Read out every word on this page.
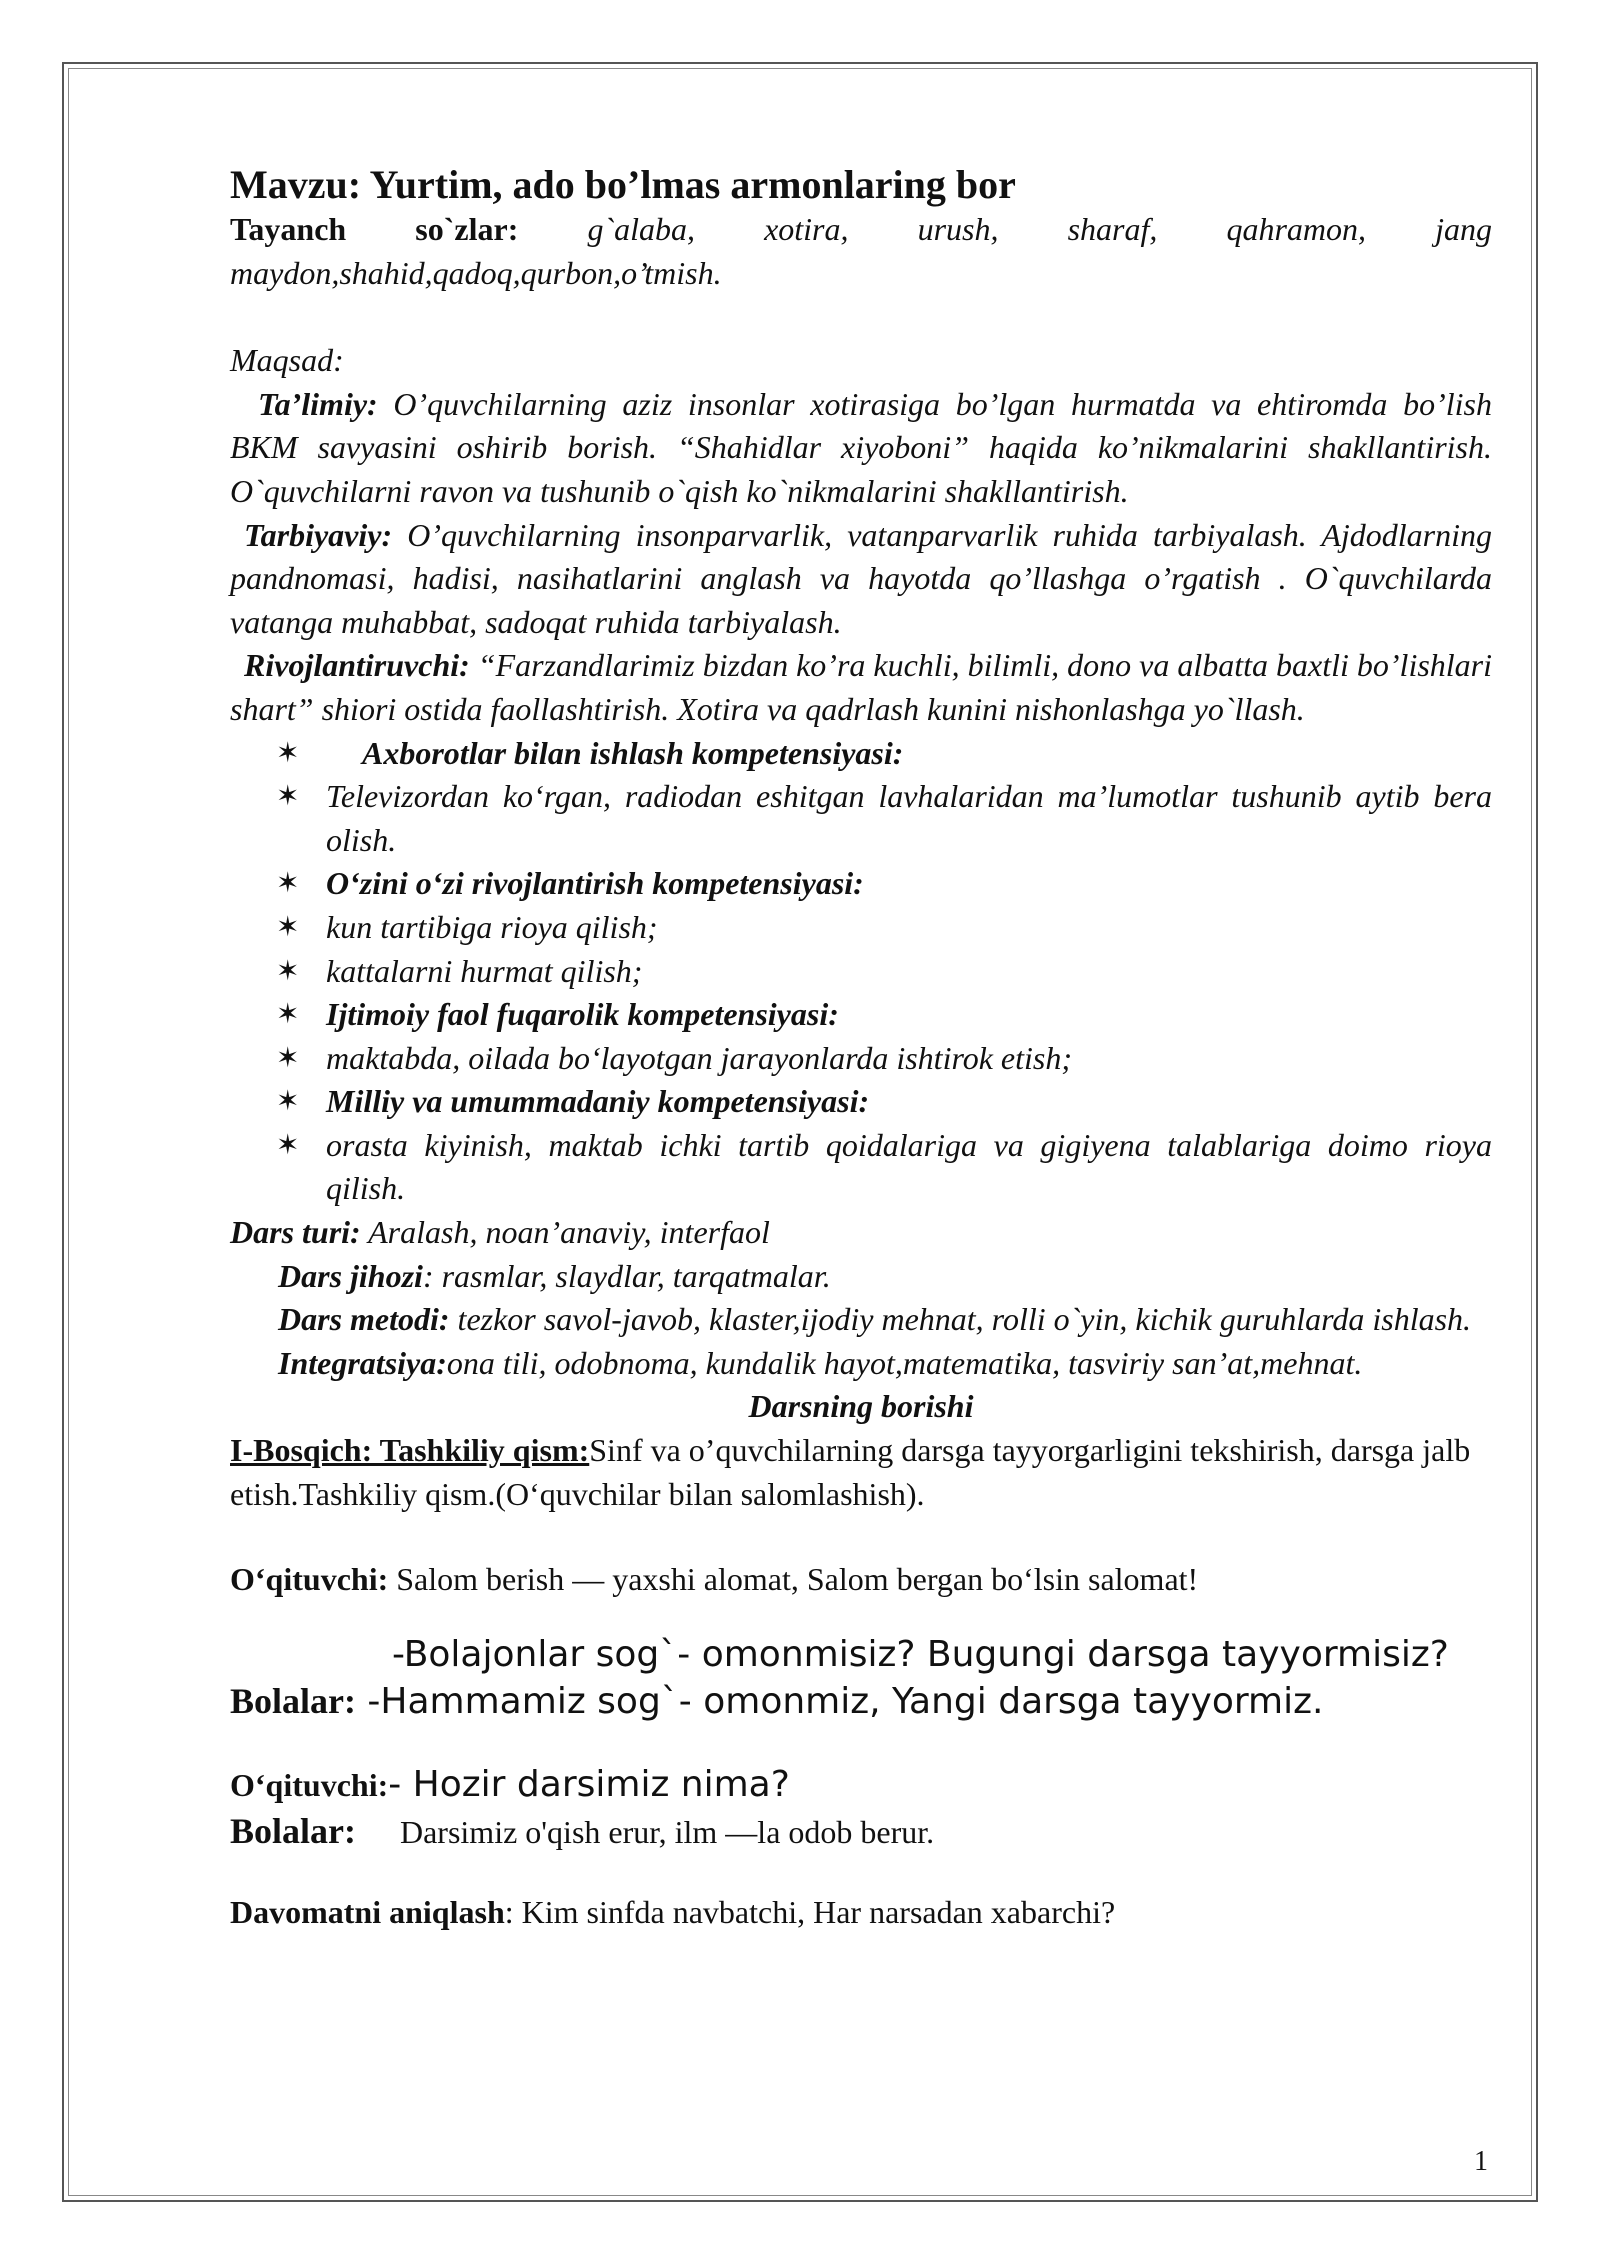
Mavzu: Yurtim, ado bo’lmas armonlaring bor

Tayanch so`zlar: g`alaba, xotira, urush, sharaf, qahramon, jang maydon,shahid,qadoq,qurbon,o’tmish.

Maqsad:

Ta’limiy: O’quvchilarning aziz insonlar xotirasiga bo’lgan hurmatda va ehtiromda bo’lish BKM savyasini oshirib borish. “Shahidlar xiyoboni” haqida ko’nikmalarini shakllantirish. O`quvchilarni ravon va tushunib o`qish ko`nikmalarini shakllantirish.

Tarbiyaviy: O’quvchilarning insonparvarlik, vatanparvarlik ruhida tarbiyalash. Ajdodlarning pandnomasi, hadisi, nasihatlarini anglash va hayotda qo’llashga o’rgatish . O`quvchilarda vatanga muhabbat, sadoqat ruhida tarbiyalash.

Rivojlantiruvchi: “Farzandlarimiz bizdan ko’ra kuchli, bilimli, dono va albatta baxtli bo’lishlari shart” shiori ostida faollashtirish. Xotira va qadrlash kunini nishonlashga yo`llash.

✶ Axborotlar bilan ishlash kompetensiyasi:
✶ Televizordan ko‘rgan, radiodan eshitgan lavhalaridan ma’lumotlar tushunib aytib bera olish.
✶ O‘zini o‘zi rivojlantirish kompetensiyasi:
✶ kun tartibiga rioya qilish;
✶ kattalarni hurmat qilish;
✶ Ijtimoiy faol fuqarolik kompetensiyasi:
✶ maktabda, oilada bo‘layotgan jarayonlarda ishtirok etish;
✶ Milliy va umummadaniy kompetensiyasi:
✶ orasta kiyinish, maktab ichki tartib qoidalariga va gigiyena talablariga doimo rioya qilish.

Dars turi: Aralash, noan’anaviy, interfaol

Dars jihozi: rasmlar, slaydlar, tarqatmalar.

Dars metodi: tezkor savol-javob, klaster,ijodiy mehnat, rolli o`yin, kichik guruhlarda ishlash.

Integratsiya:ona tili, odobnoma, kundalik hayot,matematika, tasviriy san’at,mehnat.

Darsning borishi

I-Bosqich: Tashkiliy qism:Sinf va o’quvchilarning darsga tayyorgarligini tekshirish, darsga jalb etish.Tashkiliy qism.(O‘quvchilar bilan salomlashish).

O‘qituvchi: Salom berish — yaxshi alomat, Salom bergan bo‘lsin salomat!

-Bolajonlar sog`- omonmisiz? Bugungi darsga tayyormisiz?

Bolalar: -Hammamiz sog`- omonmiz, Yangi darsga tayyormiz.

O‘qituvchi:- Hozir darsimiz nima?

Bolalar: Darsimiz o'qish erur, ilm —la odob berur.

Davomatni aniqlash: Kim sinfda navbatchi, Har narsadan xabarchi?

1
